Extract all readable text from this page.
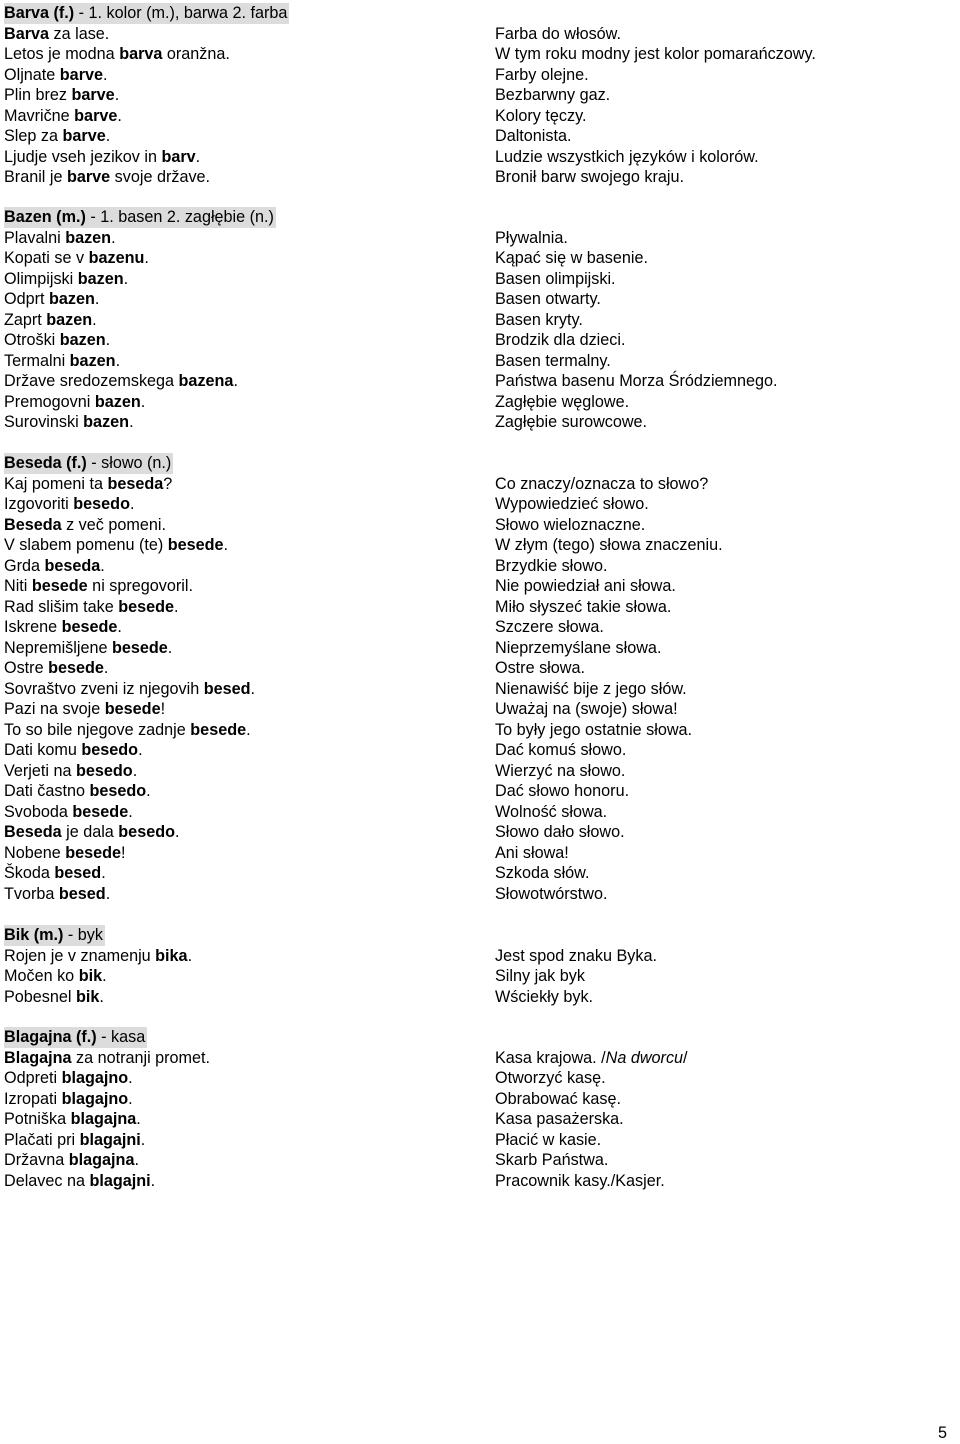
Barva (f.) - 1. kolor (m.), barwa 2. farba
Barva za lase.	Farba do włosów.
Letos je modna barva oranžna.	W tym roku modny jest kolor pomarańczowy.
Oljnate barve.	Farby olejne.
Plin brez barve.	Bezbarwny gaz.
Mavrične barve.	Kolory tęczy.
Slep za barve.	Daltonista.
Ljudje vseh jezikov in barv.	Ludzie wszystkich języków i kolorów.
Branil je barve svoje države.	Bronił barw swojego kraju.
Bazen (m.) - 1. basen 2. zagłębie (n.)
Plavalni bazen.	Pływalnia.
Kopati se v bazenu.	Kąpać się w basenie.
Olimpijski bazen.	Basen olimpijski.
Odprt bazen.	Basen otwarty.
Zaprt bazen.	Basen kryty.
Otroški bazen.	Brodzik dla dzieci.
Termalni bazen.	Basen termalny.
Države sredozemskega bazena.	Państwa basenu Morza Śródziemnego.
Premogovni bazen.	Zagłębie węglowe.
Surovinski bazen.	Zagłębie surowcowe.
Beseda (f.) - słowo (n.)
Kaj pomeni ta beseda?	Co znaczy/oznacza to słowo?
Izgovoriti besedo.	Wypowiedzieć słowo.
Beseda z več pomeni.	Słowo wieloznaczne.
V slabem pomenu (te) besede.	W złym (tego) słowa znaczeniu.
Grda beseda.	Brzydkie słowo.
Niti besede ni spregovoril.	Nie powiedział ani słowa.
Rad slišim take besede.	Miło słyszeć takie słowa.
Iskrene besede.	Szczere słowa.
Nepremišljene besede.	Nieprzemyślane słowa.
Ostre besede.	Ostre słowa.
Sovraštvo zveni iz njegovih besed.	Nienawiść bije z jego słów.
Pazi na svoje besede!	Uważaj na (swoje) słowa!
To so bile njegove zadnje besede.	To były jego ostatnie słowa.
Dati komu besedo.	Dać komuś słowo.
Verjeti na besedo.	Wierzyć na słowo.
Dati častno besedo.	Dać słowo honoru.
Svoboda besede.	Wolność słowa.
Beseda je dala besedo.	Słowo dało słowo.
Nobene besede!	Ani słowa!
Škoda besed.	Szkoda słów.
Tvorba besed.	Słowotwórstwo.
Bik (m.) - byk
Rojen je v znamenju bika.	Jest spod znaku Byka.
Močen ko bik.	Silny jak byk
Pobesnel bik.	Wściekły byk.
Blagajna (f.) - kasa
Blagajna za notranji promet.	Kasa krajowa. /Na dworcu/
Odpreti blagajno.	Otworzyć kasę.
Izropati blagajno.	Obrabować kasę.
Potniška blagajna.	Kasa pasażerska.
Plačati pri blagajni.	Płacić w kasie.
Državna blagajna.	Skarb Państwa.
Delavec na blagajni.	Pracownik kasy./Kasjer.
5
